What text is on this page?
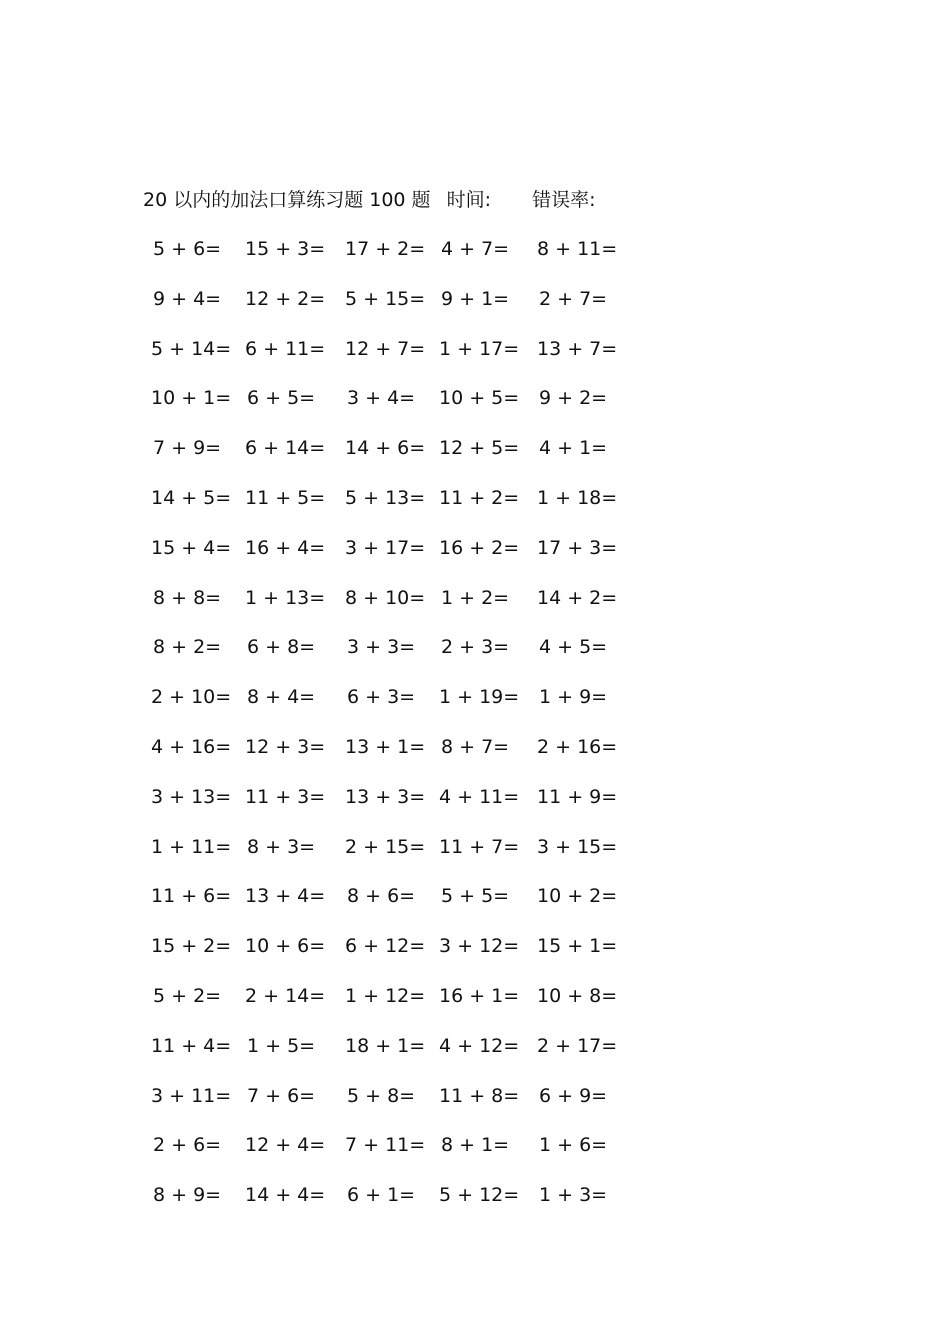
20 以内的加法口算练习题 100 题 时间: 错误率:
5 + 6= 15 + 3= 17 + 2= 4 + 7= 8 + 11=
9 + 4= 12 + 2= 5 + 15= 9 + 1= 2 + 7=
5 + 14= 6 + 11= 12 + 7= 1 + 17= 13 + 7=
10 + 1= 6 + 5= 3 + 4= 10 + 5= 9 + 2=
7 + 9= 6 + 14= 14 + 6= 12 + 5= 4 + 1=
14 + 5= 11 + 5= 5 + 13= 11 + 2= 1 + 18=
15 + 4= 16 + 4= 3 + 17= 16 + 2= 17 + 3=
8 + 8= 1 + 13= 8 + 10= 1 + 2= 14 + 2=
8 + 2= 6 + 8= 3 + 3= 2 + 3= 4 + 5=
2 + 10= 8 + 4= 6 + 3= 1 + 19= 1 + 9=
4 + 16= 12 + 3= 13 + 1= 8 + 7= 2 + 16=
3 + 13= 11 + 3= 13 + 3= 4 + 11= 11 + 9=
1 + 11= 8 + 3= 2 + 15= 11 + 7= 3 + 15=
11 + 6= 13 + 4= 8 + 6= 5 + 5= 10 + 2=
15 + 2= 10 + 6= 6 + 12= 3 + 12= 15 + 1=
5 + 2= 2 + 14= 1 + 12= 16 + 1= 10 + 8=
11 + 4= 1 + 5= 18 + 1= 4 + 12= 2 + 17=
3 + 11= 7 + 6= 5 + 8= 11 + 8= 6 + 9=
2 + 6= 12 + 4= 7 + 11= 8 + 1= 1 + 6=
8 + 9= 14 + 4= 6 + 1= 5 + 12= 1 + 3=
